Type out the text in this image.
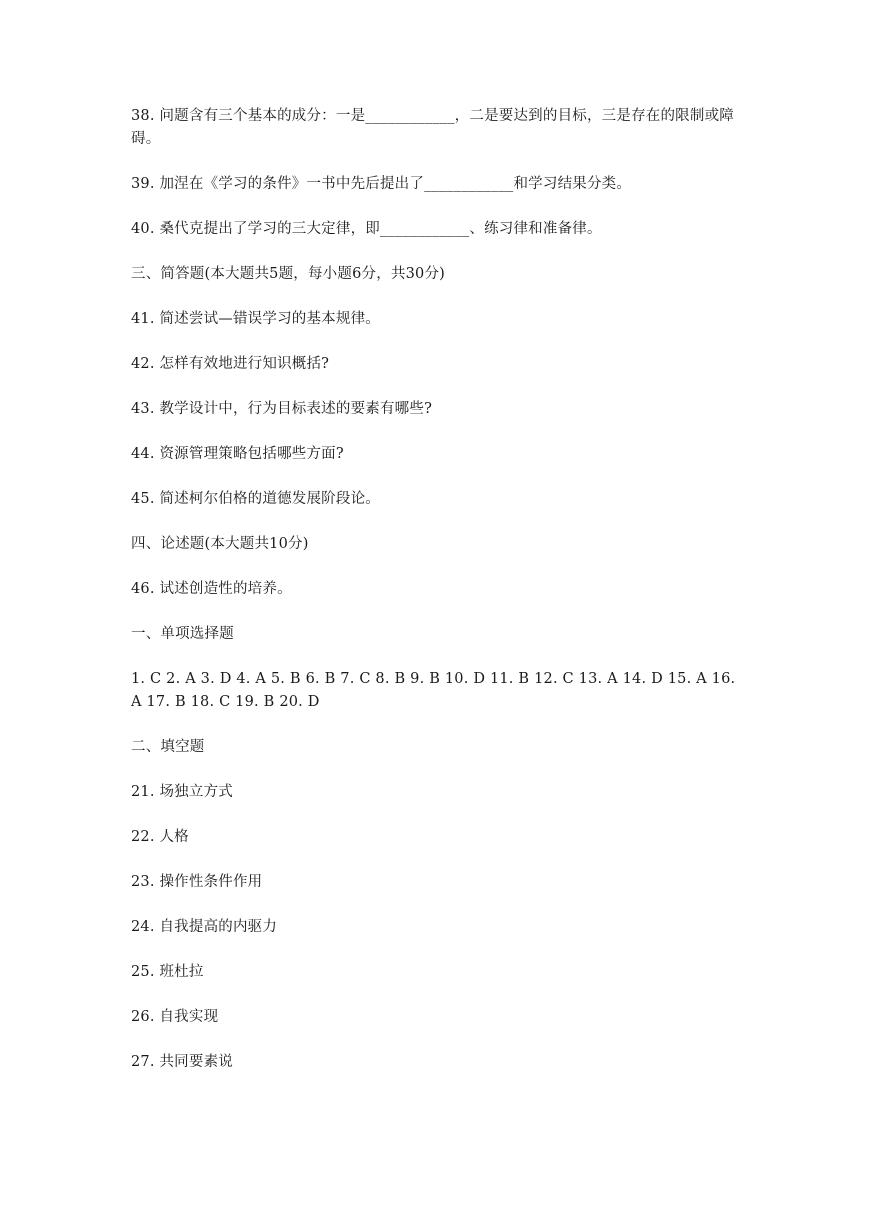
38. 问题含有三个基本的成分：一是____________，二是要达到的目标，三是存在的限制或障碍。

39. 加涅在《学习的条件》一书中先后提出了____________和学习结果分类。

40. 桑代克提出了学习的三大定律，即____________、练习律和准备律。

三、简答题(本大题共5题，每小题6分，共30分)

41. 简述尝试—错误学习的基本规律。

42. 怎样有效地进行知识概括?

43. 教学设计中，行为目标表述的要素有哪些?

44. 资源管理策略包括哪些方面?

45. 简述柯尔伯格的道德发展阶段论。

四、论述题(本大题共10分)

46. 试述创造性的培养。

一、单项选择题

1. C 2. A 3. D 4. A 5. B 6. B 7. C 8. B 9. B 10. D 11. B 12. C 13. A 14. D 15. A 16. A 17. B 18. C 19. B 20. D

二、填空题

21. 场独立方式

22. 人格

23. 操作性条件作用

24. 自我提高的内驱力

25. 班杜拉

26. 自我实现

27. 共同要素说
